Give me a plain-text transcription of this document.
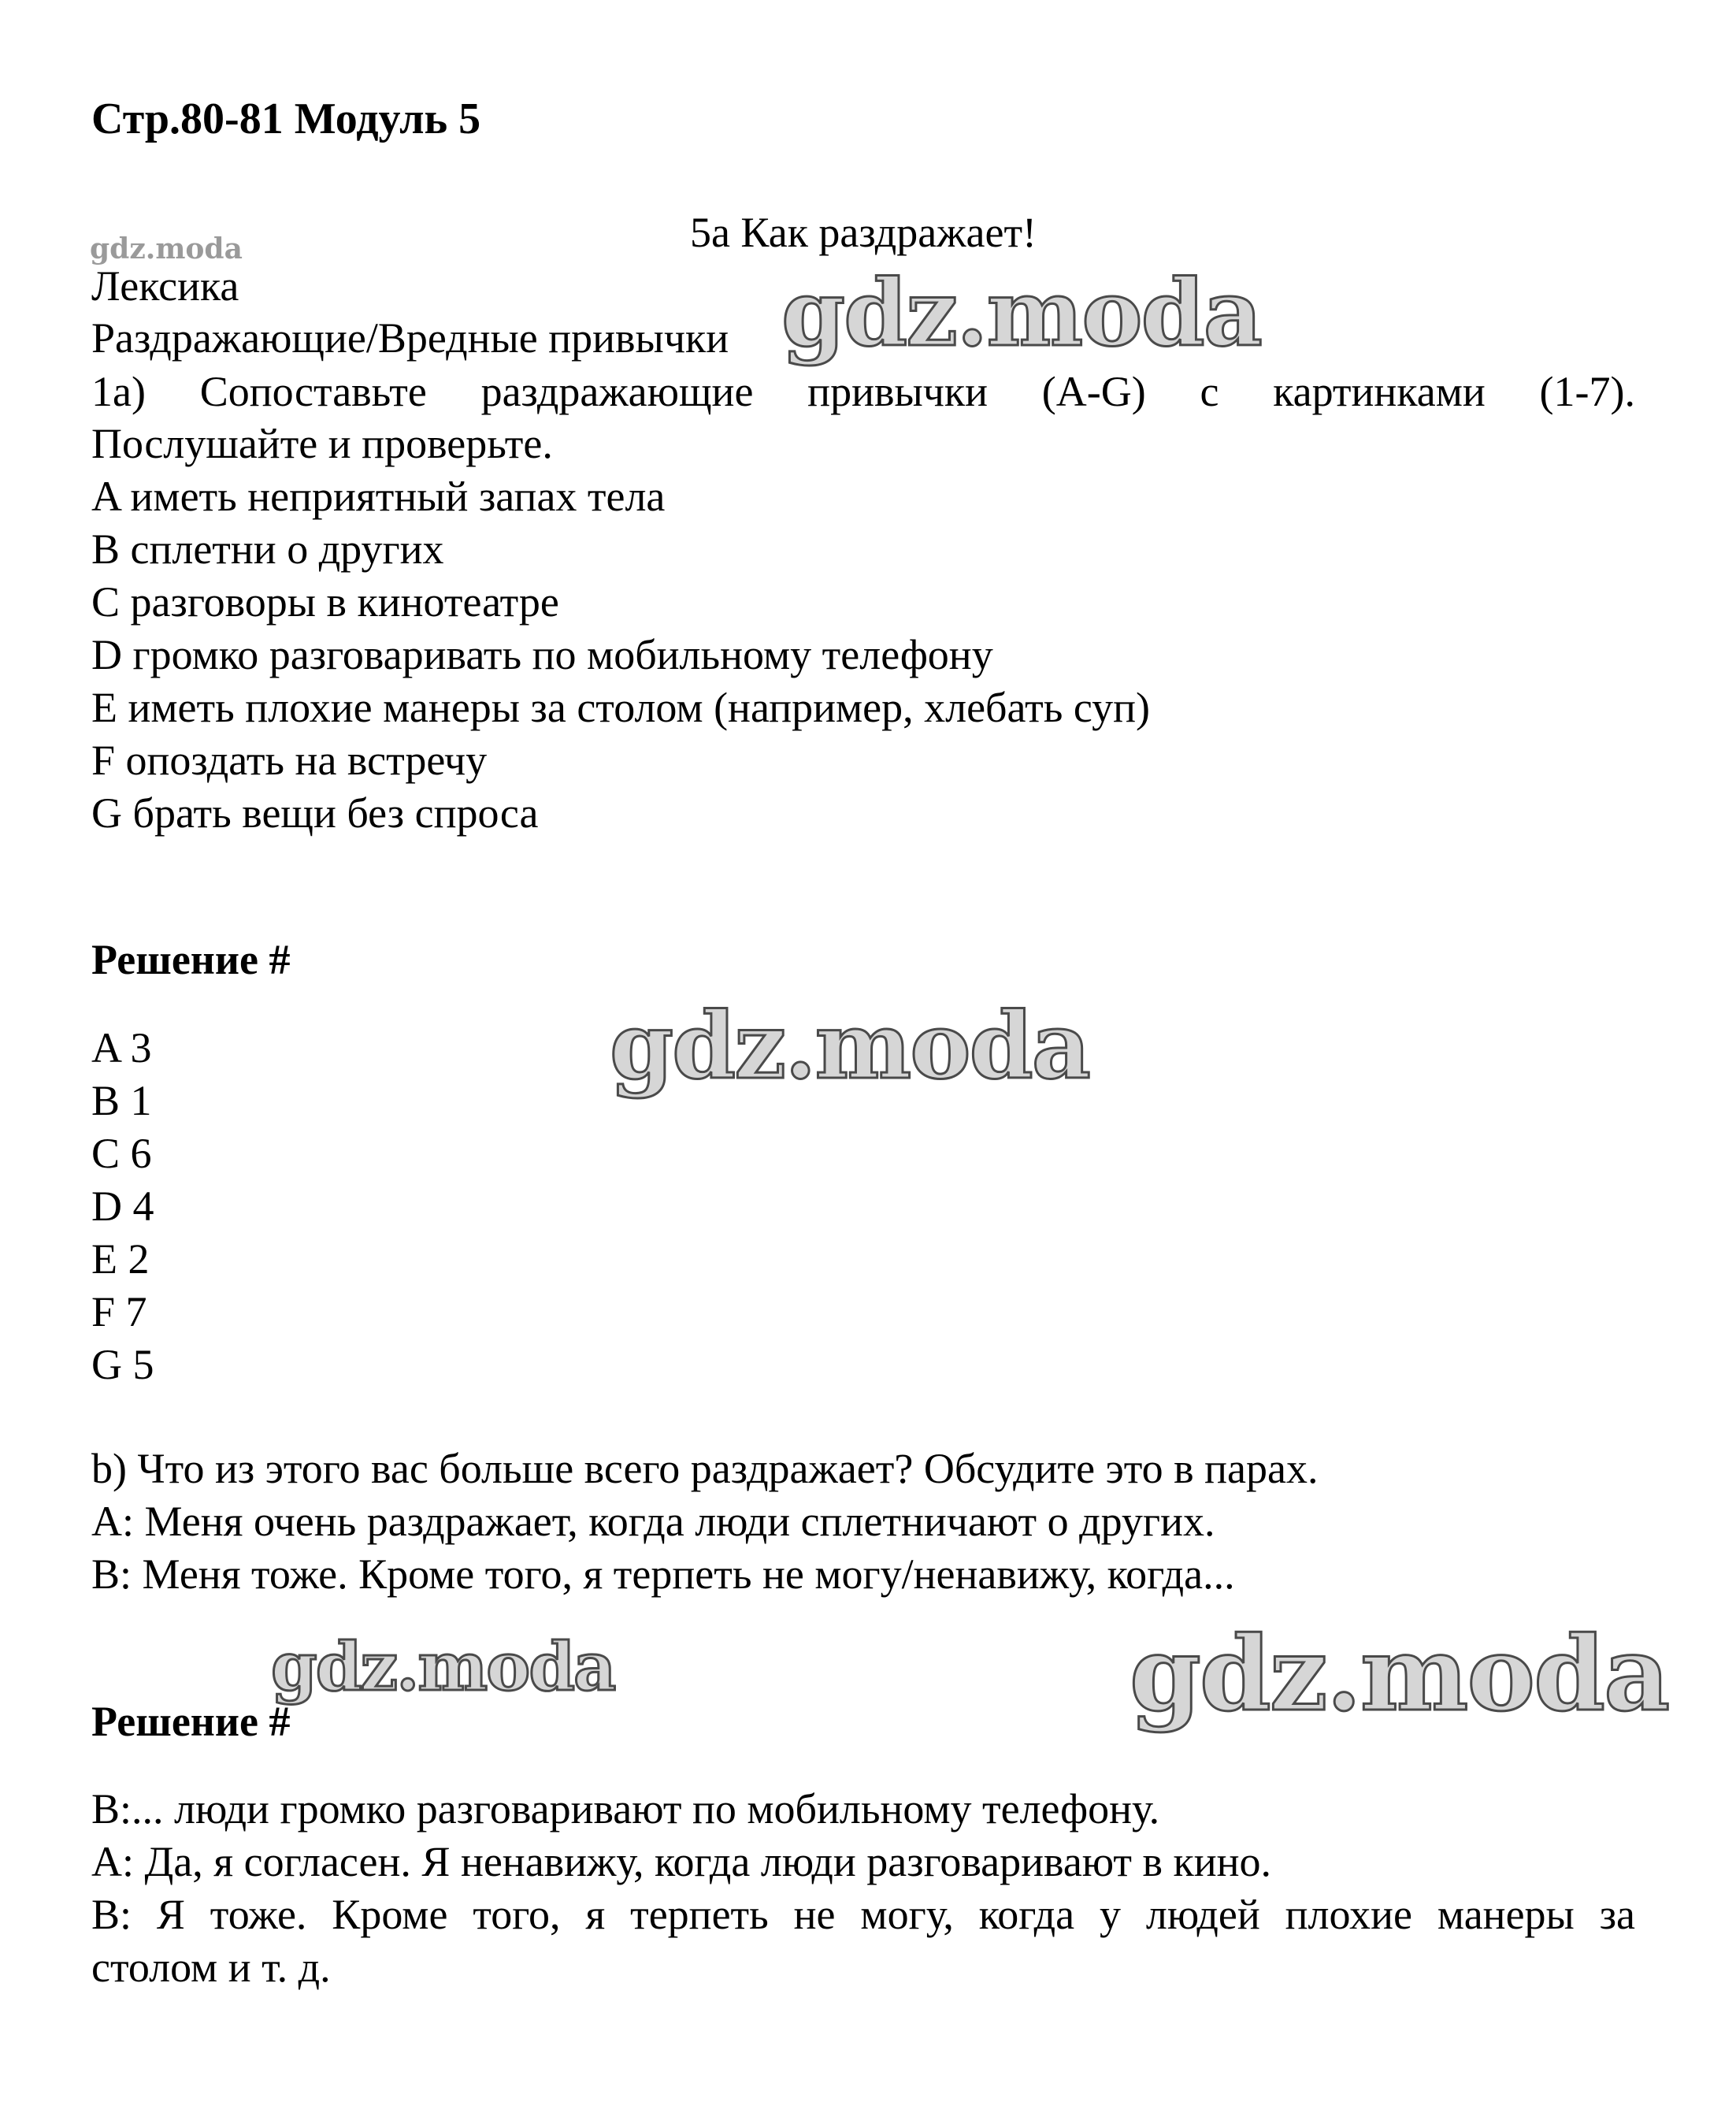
Стр.80-81 Модуль 5
5a Как раздражает!
Лексика
Раздражающие/Вредные привычки
1a) Сопоставьте раздражающие привычки (A-G) с картинками (1-7).
Послушайте и проверьте.
A иметь неприятный запах тела
B сплетни о других
C разговоры в кинотеатре
D громко разговаривать по мобильному телефону
E иметь плохие манеры за столом (например, хлебать суп)
F опоздать на встречу
G брать вещи без спроса
Решение #
A 3
B 1
C 6
D 4
E 2
F 7
G 5
b) Что из этого вас больше всего раздражает? Обсудите это в парах.
A: Меня очень раздражает, когда люди сплетничают о других.
B: Меня тоже. Кроме того, я терпеть не могу/ненавижу, когда...
Решение #
B:... люди громко разговаривают по мобильному телефону.
A: Да, я согласен. Я ненавижу, когда люди разговаривают в кино.
B: Я тоже. Кроме того, я терпеть не могу, когда у людей плохие манеры за
столом и т. д.
gdz.moda
gdz.moda
gdz.moda
gdz.moda	gdz.moda
